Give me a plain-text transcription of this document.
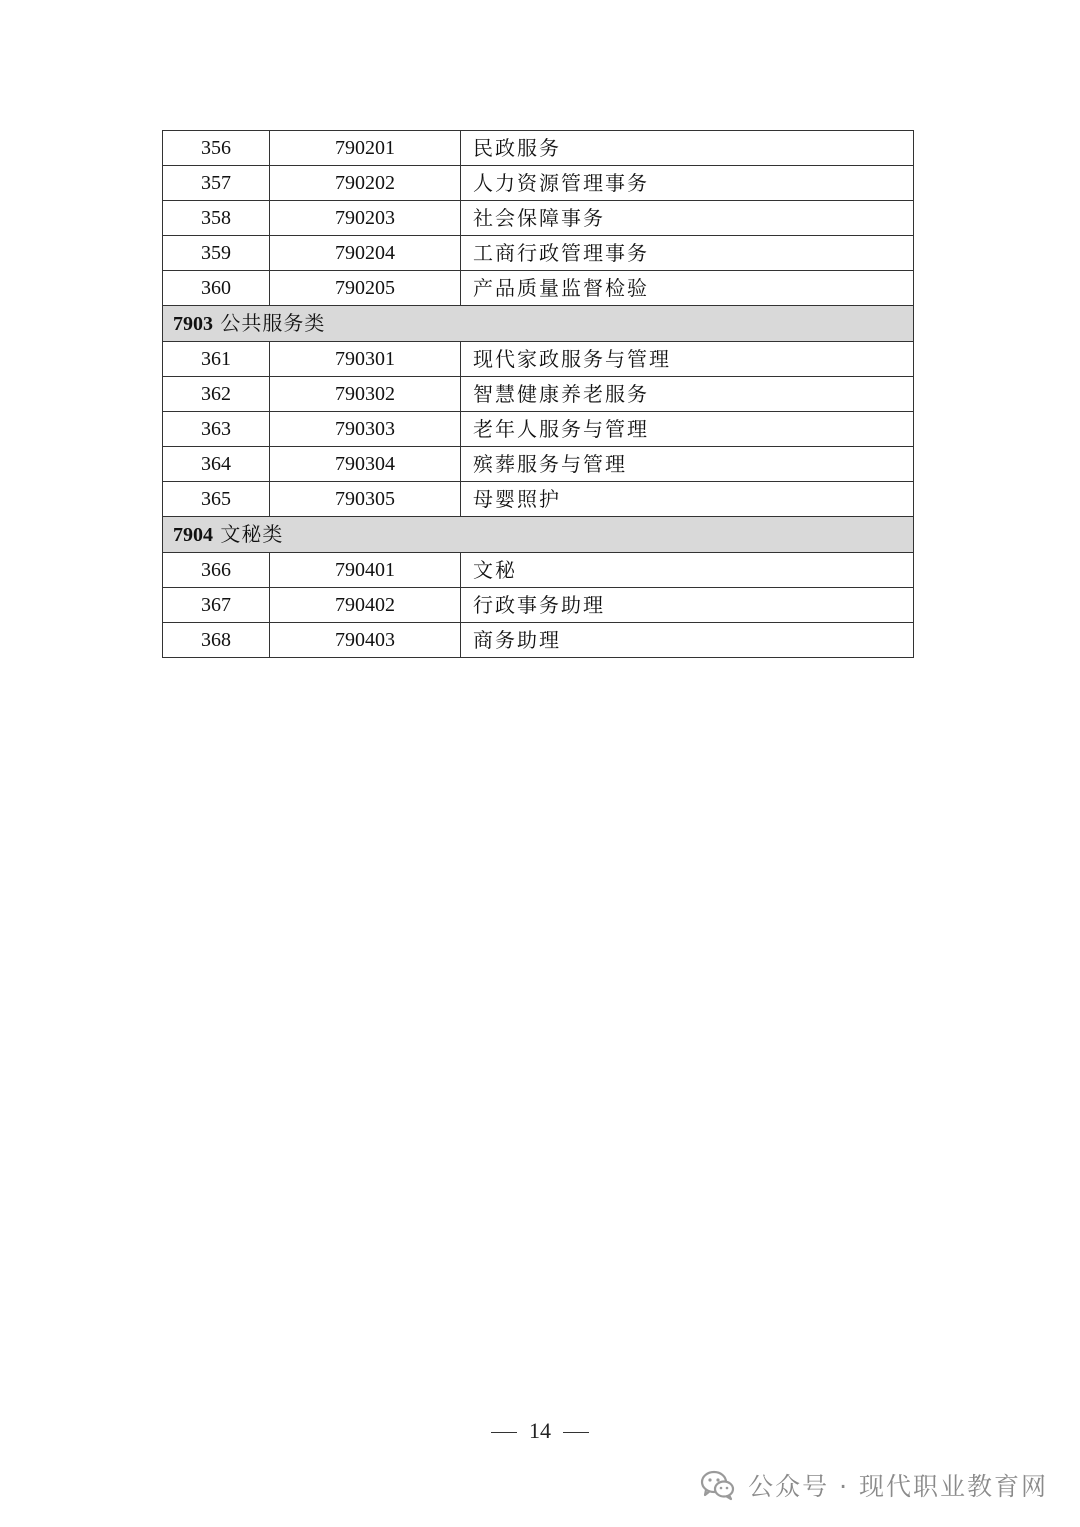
356	790201	民政服务
357	790202	人力资源管理事务
358	790203	社会保障事务
359	790204	工商行政管理事务
360	790205	产品质量监督检验
7903 公共服务类		
361	790301	现代家政服务与管理
362	790302	智慧健康养老服务
363	790303	老年人服务与管理
364	790304	殡葬服务与管理
365	790305	母婴照护
7904 文秘类		
366	790401	文秘
367	790402	行政事务助理
368	790403	商务助理
14
公众号 · 现代职业教育网
